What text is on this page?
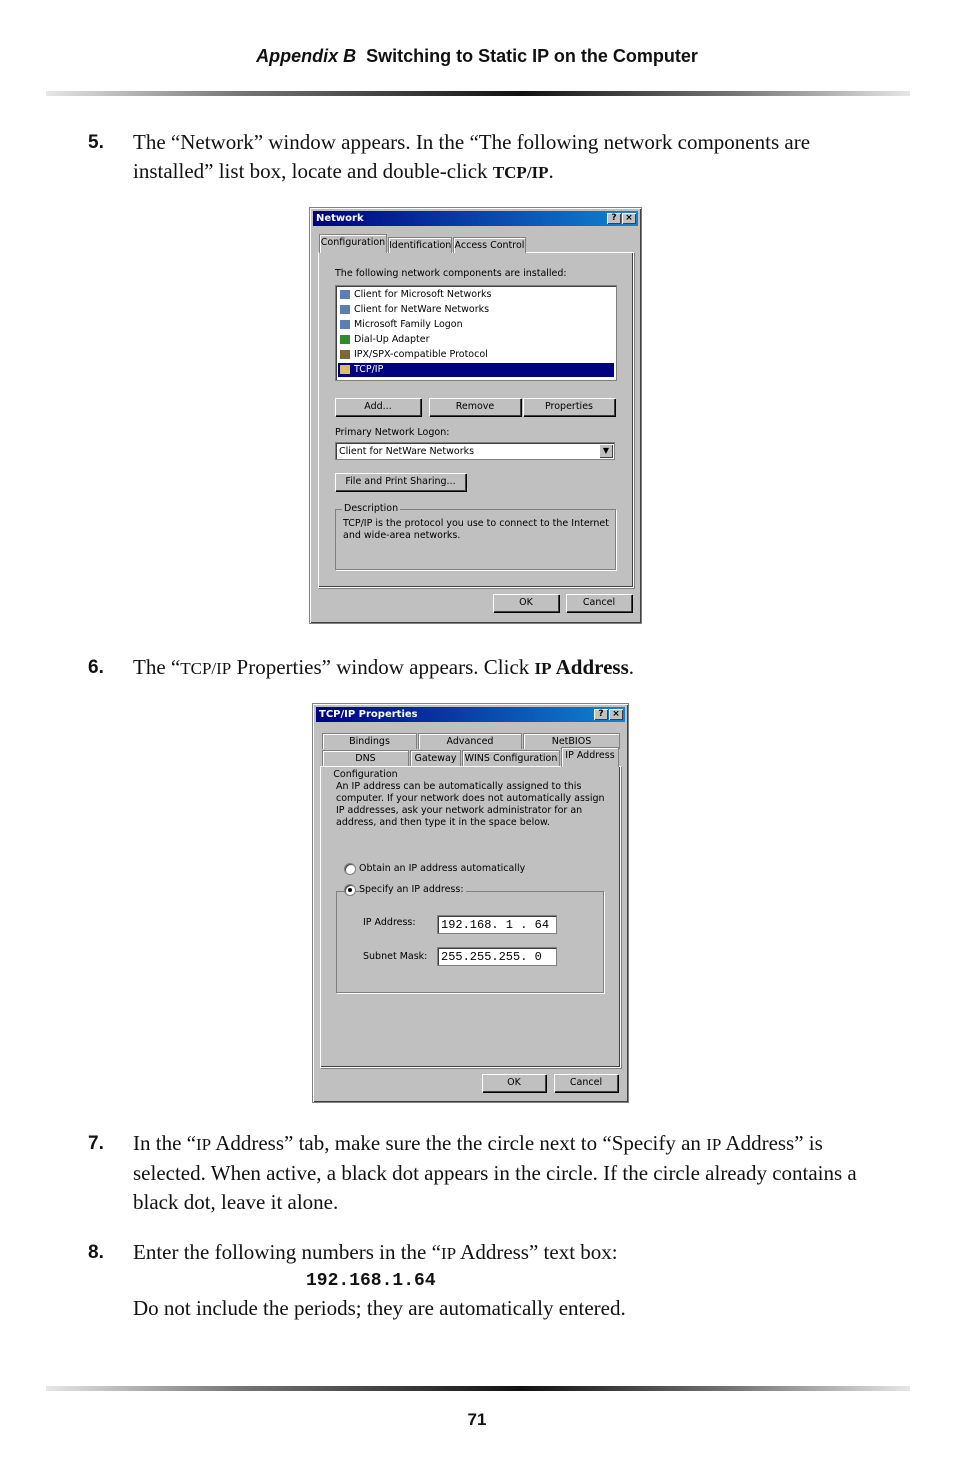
Appendix B Switching to Static IP on the Computer
5. The “Network” window appears. In the “The following network components are installed” list box, locate and double-click TCP/IP.
Network	? ×
Configuration Identification Access Control
The following network components are installed:
Client for Microsoft Networks
Client for NetWare Networks
Microsoft Family Logon
Dial-Up Adapter
IPX/SPX-compatible Protocol
TCP/IP
Add...	Remove	Properties
Primary Network Logon:
Client for NetWare Networks	▼
File and Print Sharing...
Description
TCP/IP is the protocol you use to connect to the Internet and wide-area networks.
OK	Cancel
6. The “TCP/IP Properties” window appears. Click IP Address.
TCP/IP Properties	? ×
Bindings	Advanced	NetBIOS
DNS Configuration
Gateway WINS Configuration IP Address
An IP address can be automatically assigned to this computer. If your network does not automatically assign IP addresses, ask your network administrator for an address, and then type it in the space below.
Obtain an IP address automatically
Specify an IP address:
IP Address:	192.168. 1 . 64
Subnet Mask:	255.255.255. 0
OK	Cancel
7. In the “IP Address” tab, make sure the the circle next to “Specify an IP Address” is selected. When active, a black dot appears in the circle. If the circle already contains a black dot, leave it alone.
8. Enter the following numbers in the “IP Address” text box:
192.168.1.64
Do not include the periods; they are automatically entered.
71
